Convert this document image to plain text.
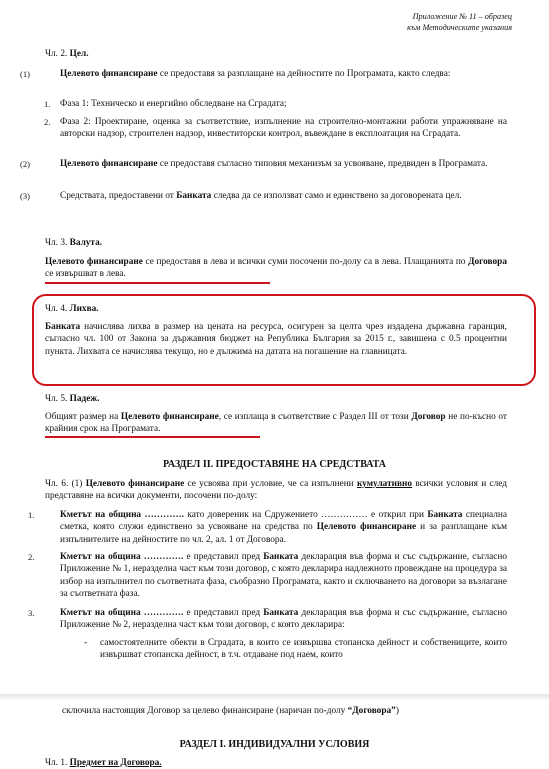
Приложение № 11 – образец
към Методическите указания
Чл. 2. Цел.
(1)	Целевото финансиране се предоставя за разплащане на дейностите по Програмата, както следва:
1. Фаза 1: Техническо и енергийно обследване на Сградата;
2. Фаза 2: Проектиране, оценка за съответствие, изпълнение на строително-монтажни работи упражняване на авторски надзор, строителен надзор, инвеститорски контрол, въвеждане в експлоатация на Сградата.
(2)	Целевото финансиране се предоставя съгласно типовия механизъм за усвояване, предвиден в Програмата.
(3)	Средствата, предоставени от Банката следва да се използват само и единствено за договорената цел.
Чл. 3. Валута.
Целевото финансиране се предоставя в лева и всички суми посочени по-долу са в лева. Плащанията по Договора се извършват в лева.
Чл. 4. Лихва.
Банката начислява лихва в размер на цената на ресурса, осигурен за целта чрез издадена държавна гаранция, съгласно чл. 100 от Закона за държавния бюджет на Република България за 2015 г., завишена с 0.5 процентни пункта. Лихвата се начислява текущо, но е дължима на датата на погашение на главницата.
Чл. 5. Падеж.
Общият размер на Целевото финансиране, се изплаща в съответствие с Раздел III от този Договор не по-късно от крайния срок на Програмата.
РАЗДЕЛ II. ПРЕДОСТАВЯНЕ НА СРЕДСТВАТА
Чл. 6. (1) Целевото финансиране се усвоява при условие, че са изпълнени кумулативно всички условия и след представяне на всички документи, посочени по-долу:
1.	Кметът на община …………. като довереник на Сдружението …………… е открил при Банката специална сметка, която служи единствено за усвояване на средства по Целевото финансиране и за разплащане към изпълнителите на дейностите по чл. 2, ал. 1 от Договора.
2.	Кметът на община …………. е представил пред Банката декларация във форма и със съдържание, съгласно Приложение № 1, неразделна част към този договор, с която декларира надлежното провеждане на процедура за избор на изпълнител по съответната фаза, съобразно Програмата, както и сключването на договори за възлагане за съответната фаза.
3.	Кметът на община …………. е представил пред Банката декларация във форма и със съдържание, съгласно Приложение № 2, неразделна част към този договор, с която декларира:
- самостоятелните обекти в Сградата, в които се извършва стопанска дейност и собствениците, които извършват стопанска дейност, в т.ч. отдаване под наем, които
сключила настоящия Договор за целево финансиране (наричан по-долу “Договора”)
РАЗДЕЛ I. ИНДИВИДУАЛНИ УСЛОВИЯ
Чл. 1. Предмет на Договора.
